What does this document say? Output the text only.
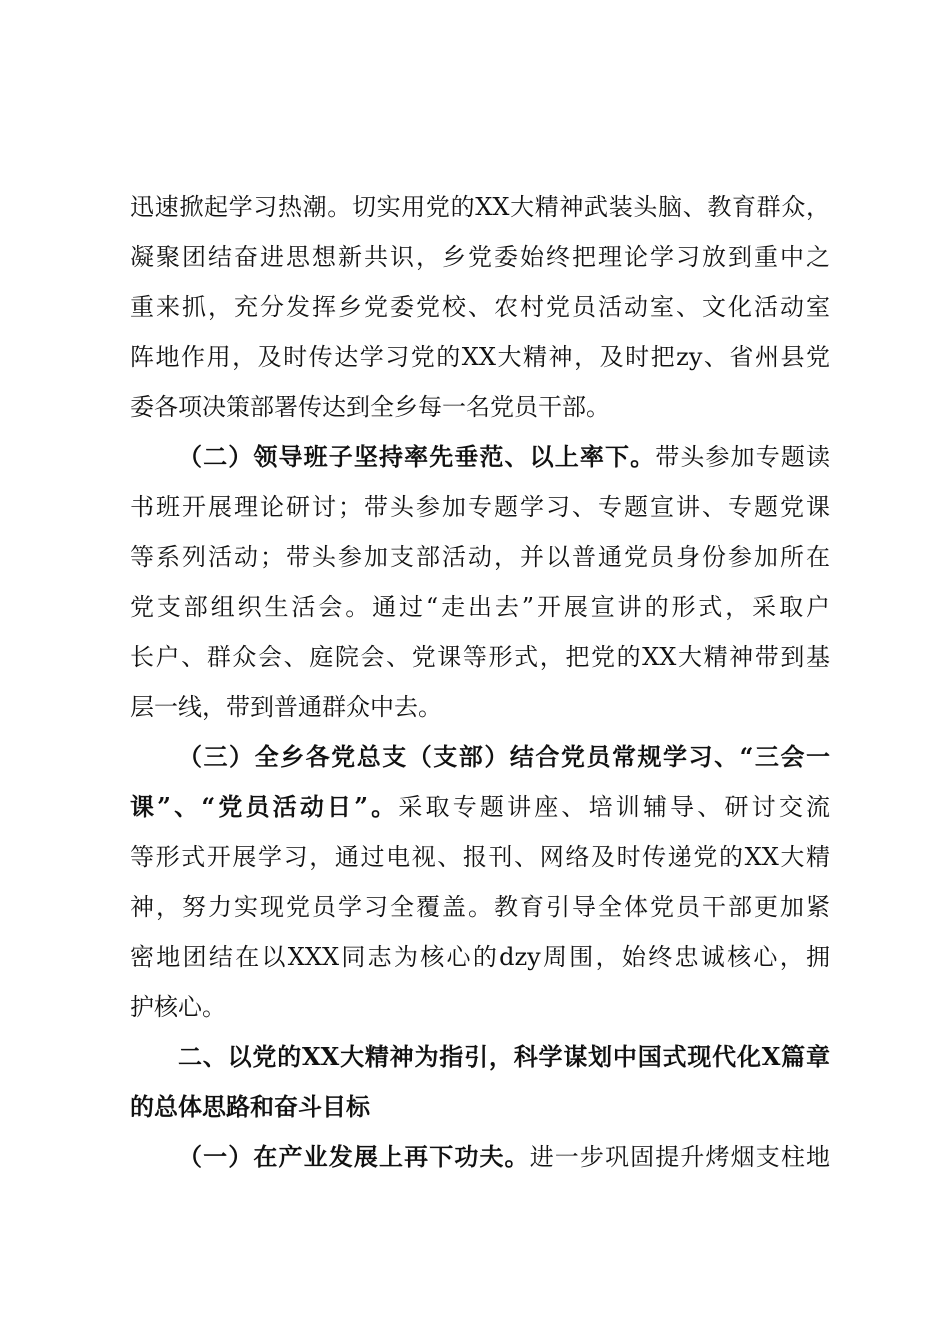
迅速掀起学习热潮。切实用党的XX大精神武装头脑、教育群众，
凝聚团结奋进思想新共识，乡党委始终把理论学习放到重中之
重来抓，充分发挥乡党委党校、农村党员活动室、文化活动室
阵地作用，及时传达学习党的XX大精神，及时把zy、省州县党
委各项决策部署传达到全乡每一名党员干部。
（二）领导班子坚持率先垂范、以上率下。带头参加专题读
书班开展理论研讨；带头参加专题学习、专题宣讲、专题党课
等系列活动；带头参加支部活动，并以普通党员身份参加所在
党支部组织生活会。通过“走出去”开展宣讲的形式，采取户
长户、群众会、庭院会、党课等形式，把党的XX大精神带到基
层一线，带到普通群众中去。
（三）全乡各党总支（支部）结合党员常规学习、“三会一
课”、“党员活动日”。采取专题讲座、培训辅导、研讨交流
等形式开展学习，通过电视、报刊、网络及时传递党的XX大精
神，努力实现党员学习全覆盖。教育引导全体党员干部更加紧
密地团结在以XXX同志为核心的dzy周围，始终忠诚核心，拥
护核心。
二、以党的XX大精神为指引，科学谋划中国式现代化X篇章
的总体思路和奋斗目标
（一）在产业发展上再下功夫。进一步巩固提升烤烟支柱地
